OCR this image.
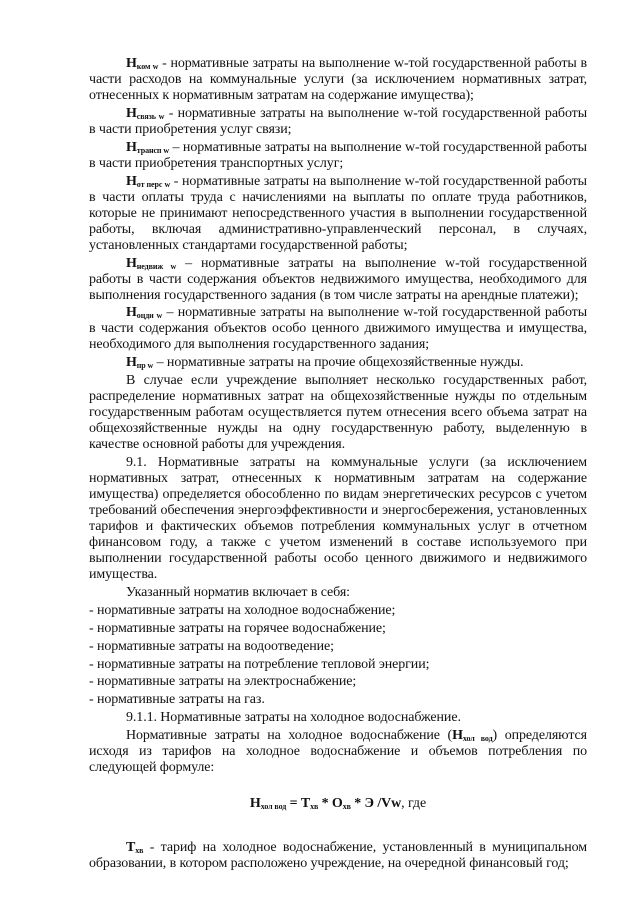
$Н_{ком w}$ - нормативные затраты на выполнение w-той государственной работы в части расходов на коммунальные услуги (за исключением нормативных затрат, отнесенных к нормативным затратам на содержание имущества);

$Н_{связь w}$ - нормативные затраты на выполнение w-той государственной работы в части приобретения услуг связи;

$Н_{трансп w}$ – нормативные затраты на выполнение w-той государственной работы в части приобретения транспортных услуг;

$Н_{от перс w}$ - нормативные затраты на выполнение w-той государственной работы в части оплаты труда с начислениями на выплаты по оплате труда работников, которые не принимают непосредственного участия в выполнении государственной работы, включая административно-управленческий персонал, в случаях, установленных стандартами государственной работы;

$Н_{недвиж w}$ – нормативные затраты на выполнение w-той государственной работы в части содержания объектов недвижимого имущества, необходимого для выполнения государственного задания (в том числе затраты на арендные платежи);

$Н_{оцди w}$ – нормативные затраты на выполнение w-той государственной работы в части содержания объектов особо ценного движимого имущества и имущества, необходимого для выполнения государственного задания;

$Н_{пр w}$ – нормативные затраты на прочие общехозяйственные нужды.

В случае если учреждение выполняет несколько государственных работ, распределение нормативных затрат на общехозяйственные нужды по отдельным государственным работам осуществляется путем отнесения всего объема затрат на общехозяйственные нужды на одну государственную работу, выделенную в качестве основной работы для учреждения.

9.1. Нормативные затраты на коммунальные услуги (за исключением нормативных затрат, отнесенных к нормативным затратам на содержание имущества) определяется обособленно по видам энергетических ресурсов с учетом требований обеспечения энергоэффективности и энергосбережения, установленных тарифов и фактических объемов потребления коммунальных услуг в отчетном финансовом году, а также с учетом изменений в составе используемого при выполнении государственной работы особо ценного движимого и недвижимого имущества.

Указанный норматив включает в себя:

- нормативные затраты на холодное водоснабжение;
- нормативные затраты на горячее водоснабжение;
- нормативные затраты на водоотведение;
- нормативные затраты на потребление тепловой энергии;
- нормативные затраты на электроснабжение;
- нормативные затраты на газ.

9.1.1. Нормативные затраты на холодное водоснабжение.

Нормативные затраты на холодное водоснабжение $(Н_{хол вод})$ определяются исходя из тарифов на холодное водоснабжение и объемов потребления по следующей формуле:

$Н_{хол вод} = Т_{хв} * О_{хв} * Э$ /Vw, где

$Т_{хв}$ - тариф на холодное водоснабжение, установленный в муниципальном образовании, в котором расположено учреждение, на очередной финансовый год;
